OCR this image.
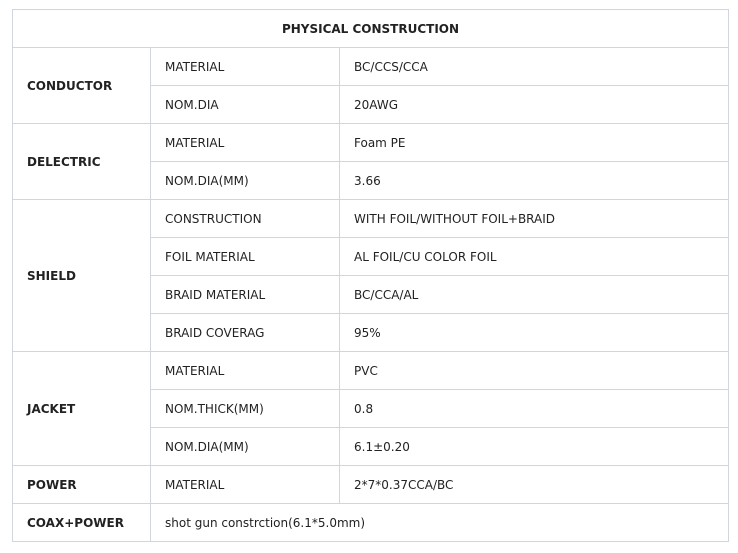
PHYSICAL CONSTRUCTION		
CONDUCTOR	MATERIAL	BC/CCS/CCA
	NOM.DIA	20AWG
DELECTRIC	MATERIAL	Foam PE
	NOM.DIA(MM)	3.66
SHIELD	CONSTRUCTION	WITH FOIL/WITHOUT FOIL+BRAID
	FOIL MATERIAL	AL FOIL/CU COLOR FOIL
	BRAID MATERIAL	BC/CCA/AL
	BRAID COVERAG	95%
JACKET	MATERIAL	PVC
	NOM.THICK(MM)	0.8
	NOM.DIA(MM)	6.1±0.20
POWER	MATERIAL	2*7*0.37CCA/BC
COAX+POWER	shot gun constrction(6.1*5.0mm)	
